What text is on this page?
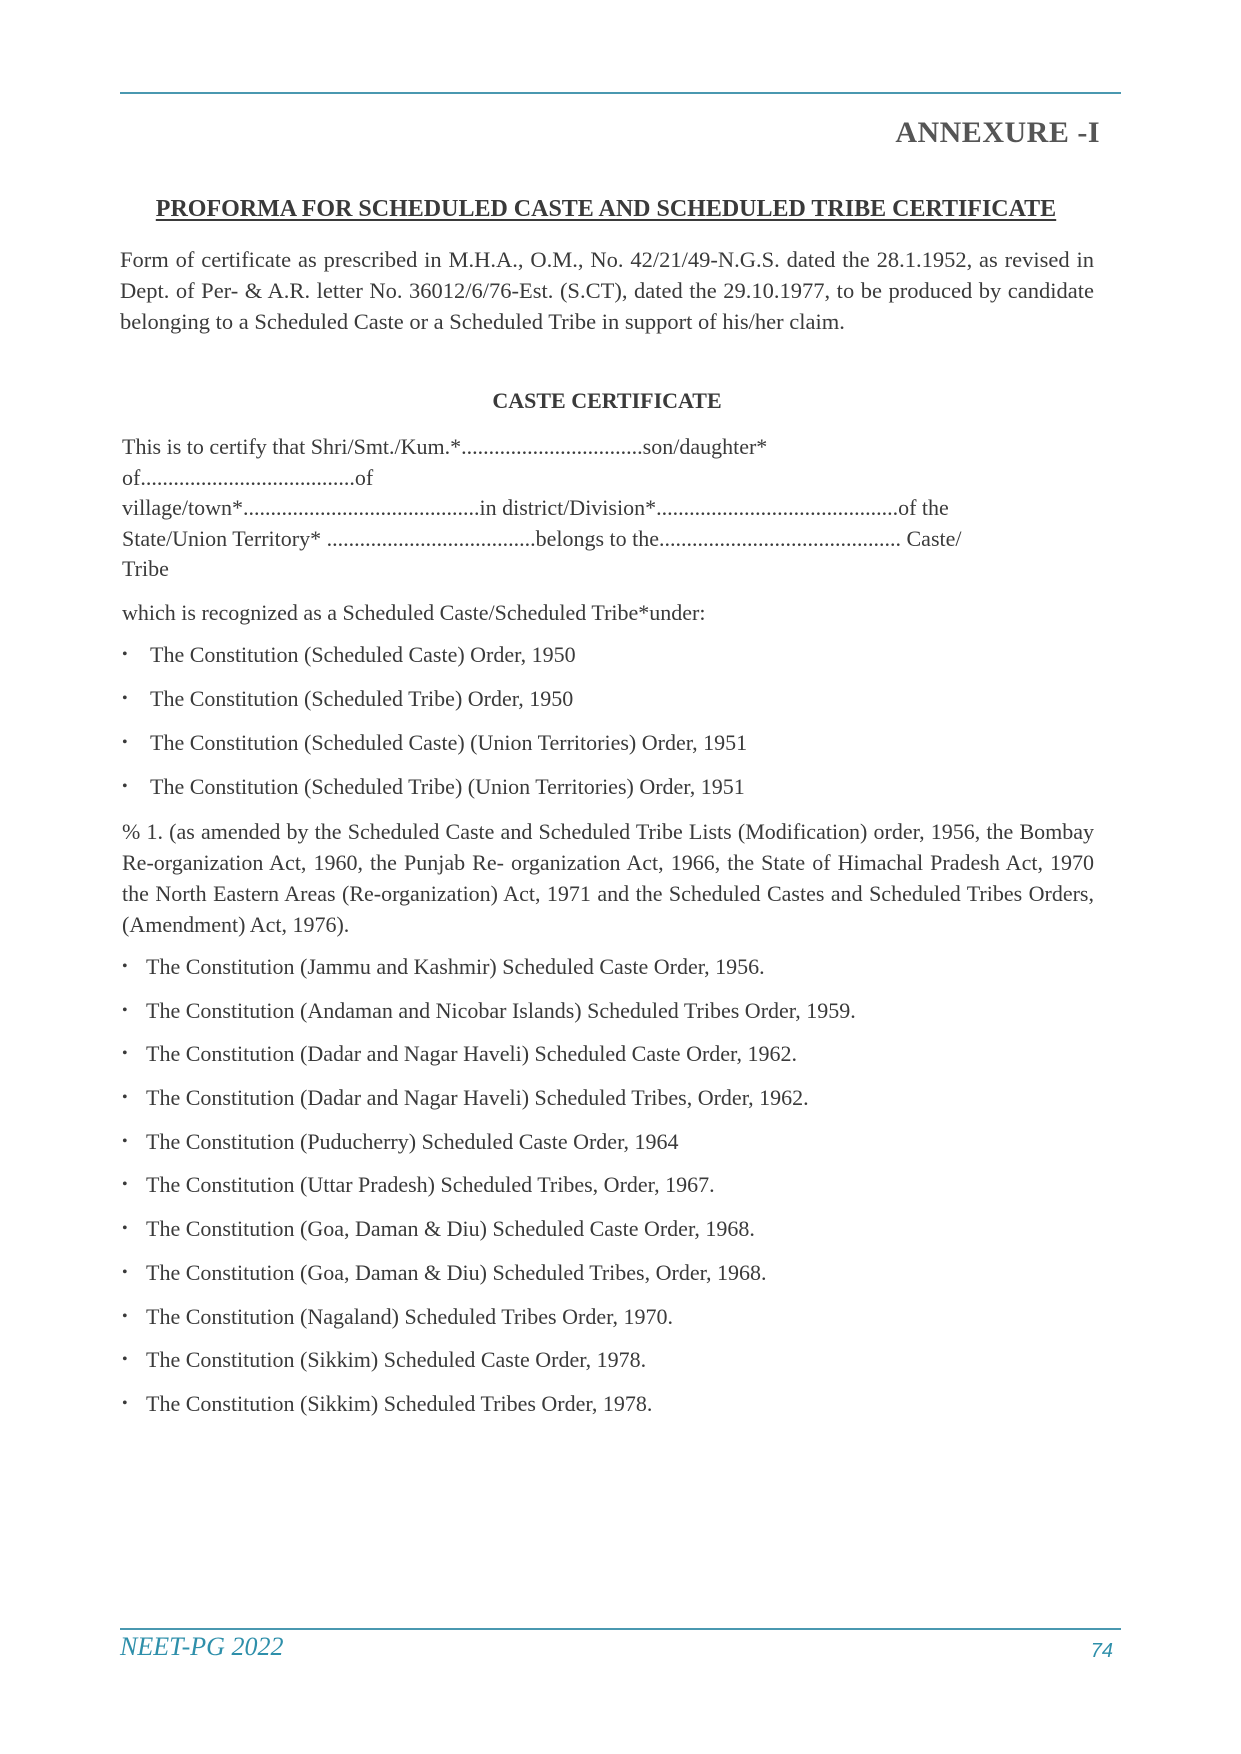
ANNEXURE -I
PROFORMA FOR SCHEDULED CASTE AND SCHEDULED TRIBE CERTIFICATE
Form of certificate as prescribed in M.H.A., O.M., No. 42/21/49-N.G.S. dated the 28.1.1952, as revised in Dept. of Per- & A.R. letter No. 36012/6/76-Est. (S.CT), dated the 29.10.1977, to be produced by candidate belonging to a Scheduled Caste or a Scheduled Tribe in support of his/her claim.
CASTE CERTIFICATE
This is to certify that Shri/Smt./Kum.*.................................son/daughter*
of.......................................of
village/town*...........................................in district/Division*............................................of the
State/Union Territory* ......................................belongs to the............................................ Caste/
Tribe
which is recognized as a Scheduled Caste/Scheduled Tribe*under:
• The Constitution (Scheduled Caste) Order, 1950
• The Constitution (Scheduled Tribe) Order, 1950
• The Constitution (Scheduled Caste) (Union Territories) Order, 1951
• The Constitution (Scheduled Tribe) (Union Territories) Order, 1951
% 1. (as amended by the Scheduled Caste and Scheduled Tribe Lists (Modification) order, 1956, the Bombay Re-organization Act, 1960, the Punjab Re- organization Act, 1966, the State of Himachal Pradesh Act, 1970 the North Eastern Areas (Re-organization) Act, 1971 and the Scheduled Castes and Scheduled Tribes Orders, (Amendment) Act, 1976).
• The Constitution (Jammu and Kashmir) Scheduled Caste Order, 1956.
• The Constitution (Andaman and Nicobar Islands) Scheduled Tribes Order, 1959.
• The Constitution (Dadar and Nagar Haveli) Scheduled Caste Order, 1962.
• The Constitution (Dadar and Nagar Haveli) Scheduled Tribes, Order, 1962.
• The Constitution (Puducherry) Scheduled Caste Order, 1964
• The Constitution (Uttar Pradesh) Scheduled Tribes, Order, 1967.
• The Constitution (Goa, Daman & Diu) Scheduled Caste Order, 1968.
• The Constitution (Goa, Daman & Diu) Scheduled Tribes, Order, 1968.
• The Constitution (Nagaland) Scheduled Tribes Order, 1970.
• The Constitution (Sikkim) Scheduled Caste Order, 1978.
• The Constitution (Sikkim) Scheduled Tribes Order, 1978.
NEET-PG 2022	74
